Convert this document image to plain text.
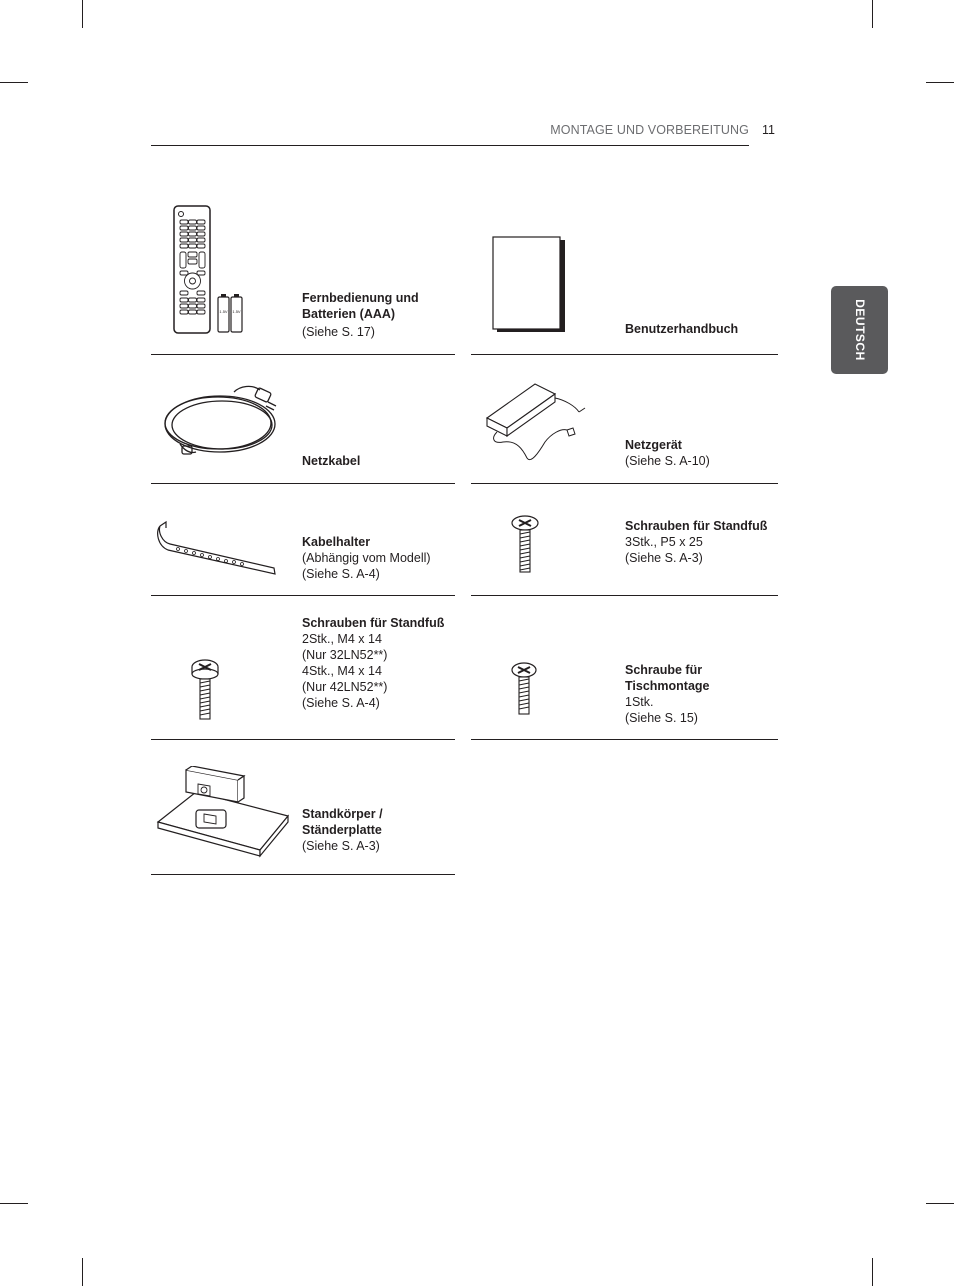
MONTAGE UND VORBEREITUNG 11
DEUTSCH
1.5V 1.5V
Fernbedienung und Batterien (AAA)
(Siehe S. 17)	Benutzerhandbuch
Netzkabel
Netzgerät
(Siehe S. A-10)
Kabelhalter
(Abhängig vom Modell)
(Siehe S. A-4)
Schrauben für Standfuß
3Stk., P5 x 25
(Siehe S. A-3)
Schrauben für Standfuß
2Stk., M4 x 14
(Nur 32LN52**)
4Stk., M4 x 14
(Nur 42LN52**)
(Siehe S. A-4)
Schraube für Tischmontage
1Stk.
(Siehe S. 15)
Standkörper / Ständerplatte
(Siehe S. A-3)
